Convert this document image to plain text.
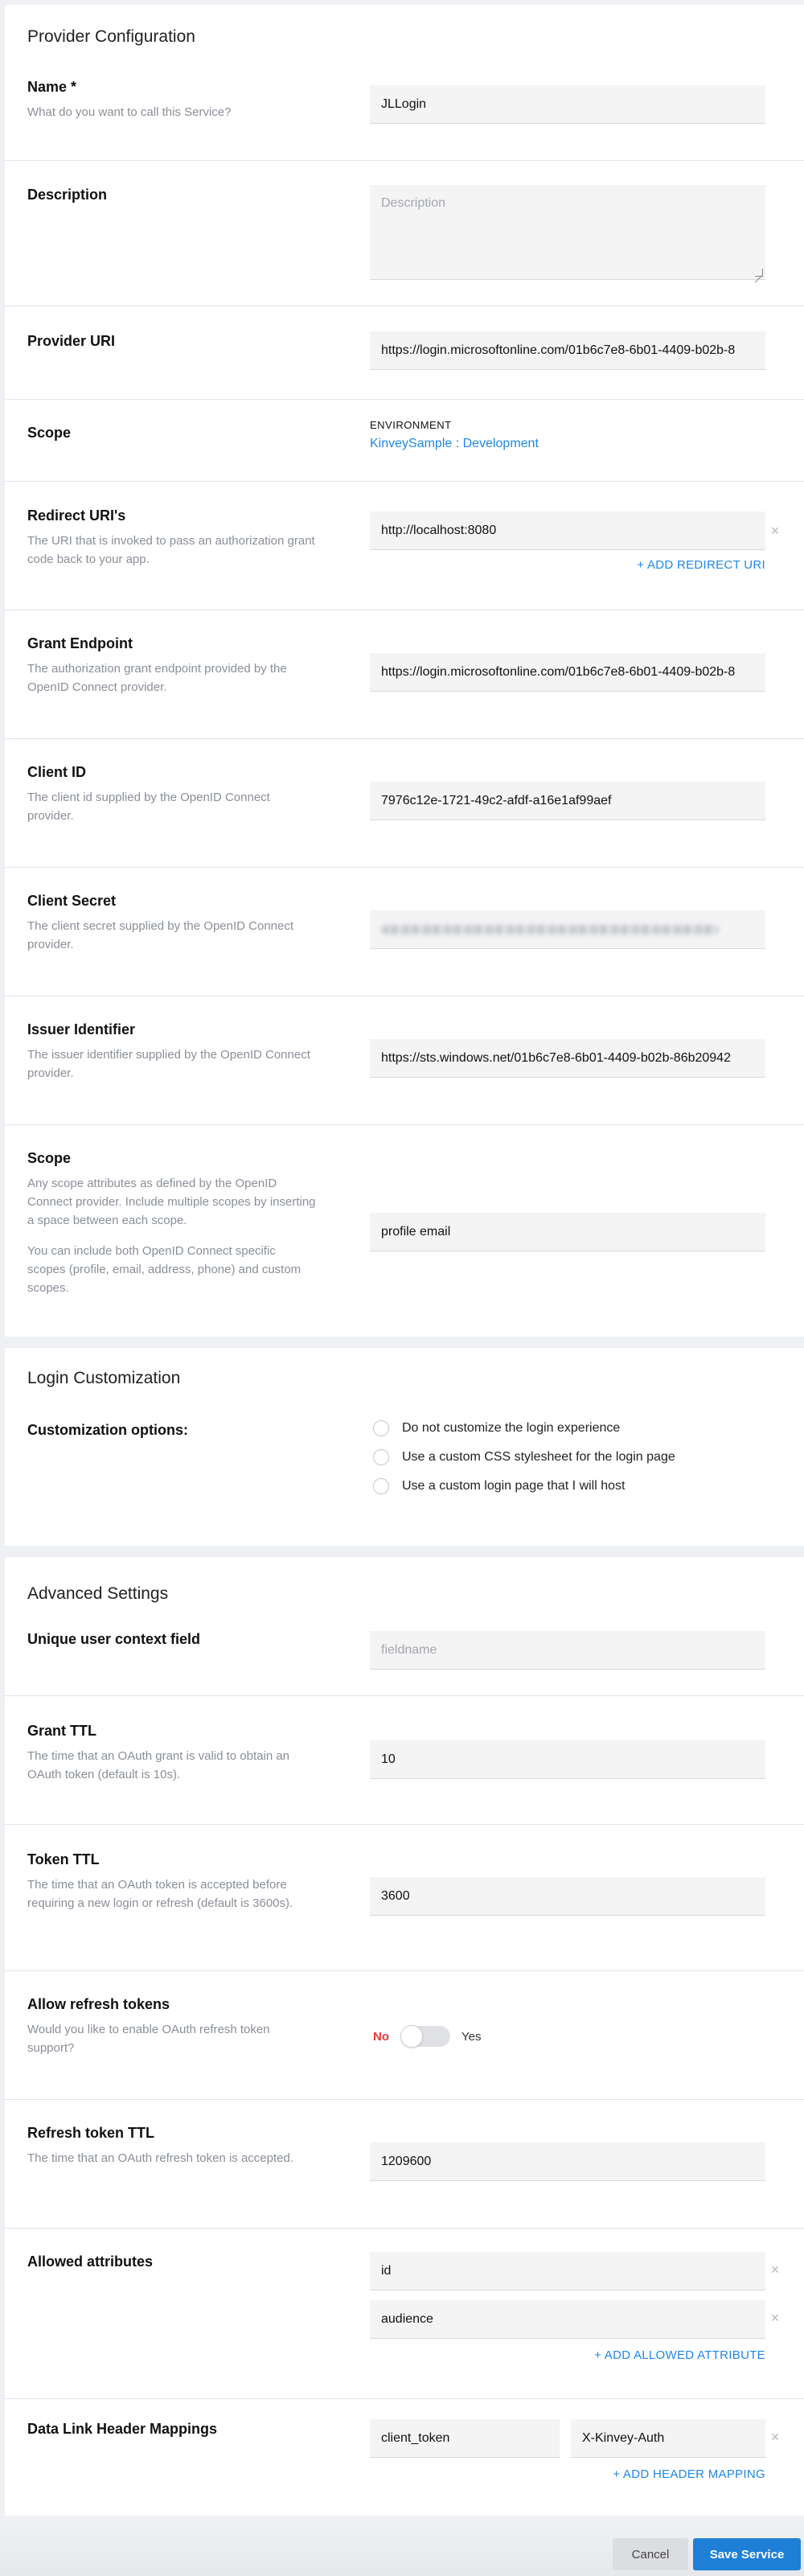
Provider Configuration
Name *
What do you want to call this Service?
JLLogin
Description
Description
Provider URI
https://login.microsoftonline.com/01b6c7e8-6b01-4409-b02b-8
Scope	ENVIRONMENT
KinveySample : Development
Redirect URI's
The URI that is invoked to pass an authorization grant code back to your app.
http://localhost:8080	×
+ ADD REDIRECT URI
Grant Endpoint
The authorization grant endpoint provided by the OpenID Connect provider.
https://login.microsoftonline.com/01b6c7e8-6b01-4409-b02b-8
Client ID
The client id supplied by the OpenID Connect provider.
7976c12e-1721-49c2-afdf-a16e1af99aef
Client Secret
The client secret supplied by the OpenID Connect provider.
Issuer Identifier
The issuer identifier supplied by the OpenID Connect provider.
https://sts.windows.net/01b6c7e8-6b01-4409-b02b-86b20942
Scope
Any scope attributes as defined by the OpenID Connect provider. Include multiple scopes by inserting a space between each scope.
You can include both OpenID Connect specific scopes (profile, email, address, phone) and custom scopes.
profile email
Login Customization
Customization options:	Do not customize the login experience
Use a custom CSS stylesheet for the login page
Use a custom login page that I will host
Advanced Settings
Unique user context field
fieldname
Grant TTL
The time that an OAuth grant is valid to obtain an OAuth token (default is 10s).
10
Token TTL
The time that an OAuth token is accepted before requiring a new login or refresh (default is 3600s).
3600
Allow refresh tokens
Would you like to enable OAuth refresh token support?
No	Yes
Refresh token TTL
The time that an OAuth refresh token is accepted.	1209600
Allowed attributes
id	×
audience	×
+ ADD ALLOWED ATTRIBUTE
Data Link Header Mappings
client_token	X-Kinvey-Auth	×
+ ADD HEADER MAPPING
Cancel	Save Service
